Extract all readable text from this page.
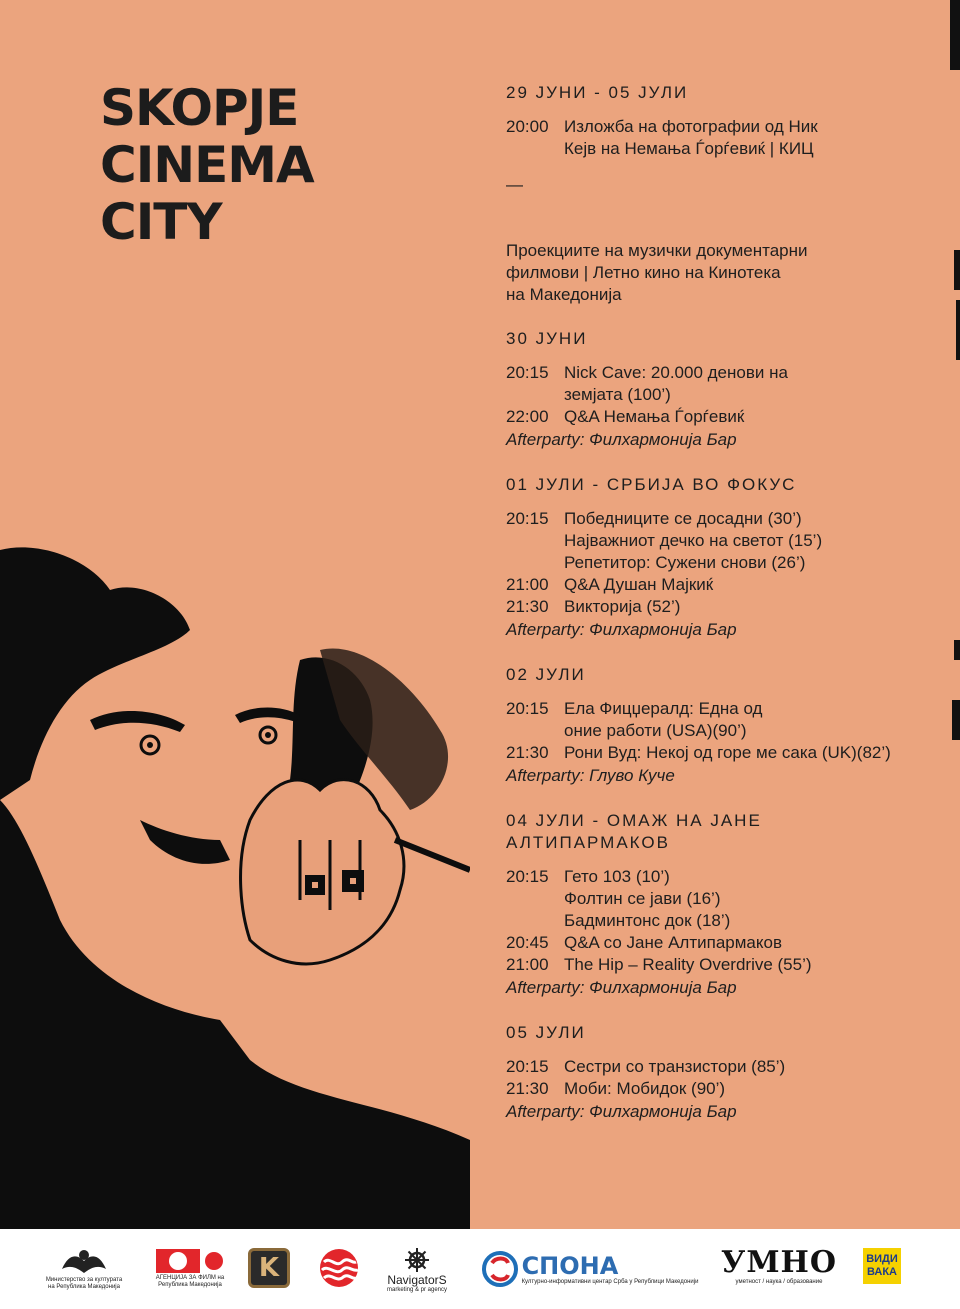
SKOPJE
CINEMA
CITY
29 ЈУНИ - 05 ЈУЛИ
20:00 Изложба на фотографии од Ник
Кејв на Немања Ѓорѓевиќ | КИЦ
—
Проекциите на музички документарни
филмови | Летно кино на Кинотека
на Македонија
30 ЈУНИ
20:15 Nick Cave: 20.000 денови на
земјата (100’)
22:00 Q&A Немања Ѓорѓевиќ
Afterparty: Филхармонија Бар
01 ЈУЛИ - СРБИЈА ВО ФОКУС
20:15 Победниците се досадни (30’)
Најважниот дечко на светот (15’)
Репетитор: Сужени снови (26’)
21:00 Q&A Душан Мајкиќ
21:30 Викторија (52’)
Afterparty: Филхармонија Бар
02 ЈУЛИ
20:15 Ела Фицџералд: Една од
оние работи (USA)(90’)
21:30 Рони Вуд: Некој од горе ме сака (UK)(82’)
Afterparty: Глуво Куче
04 ЈУЛИ - ОМАЖ НА ЈАНЕ
АЛТИПАРМАКОВ
20:15 Гето 103 (10’)
Фолтин се јави (16’)
Бадминтонс док (18’)
20:45 Q&A со Јане Алтипармаков
21:00 The Hip – Reality Overdrive (55’)
Afterparty: Филхармонија Бар
05 ЈУЛИ
20:15 Сестри со транзистори (85’)
21:30 Моби: Мобидок (90’)
Afterparty: Филхармонија Бар
Министерство за културата на Република Македонија
АГЕНЦИЈА ЗА ФИЛМ на Република Македонија
K	NavigatorS
marketing & pr agency
СПОНА
Културно-информативни центар Срба у Републици Македонији
УМНО
уметност / наука / образование
ВИДИ
ВАКА
